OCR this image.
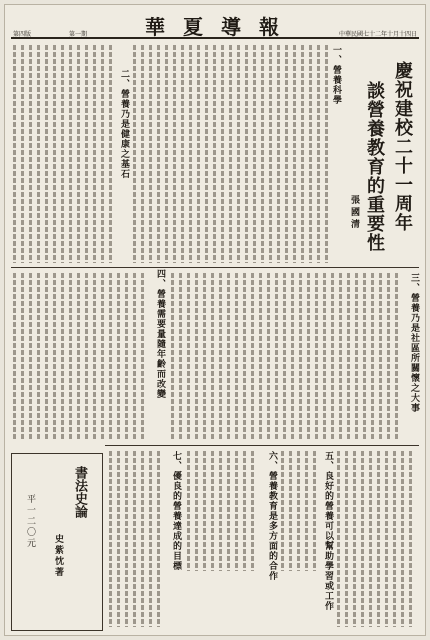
第四版	第一期	華夏導報	中華民國七十二年十月十四日
慶祝建校二十一周年
談營養教育的重要性
張國清
一、營養科學
二、營養乃是健康之基石
三、營養乃是社區所關懷之大事
四、營養需要量隨年齡而改變
五、良好的營養可以幫助學習或工作
六、營養教育是多方面的合作
七、優良的營養達成的目標
書法史論
史紫忱著
平一二〇元
